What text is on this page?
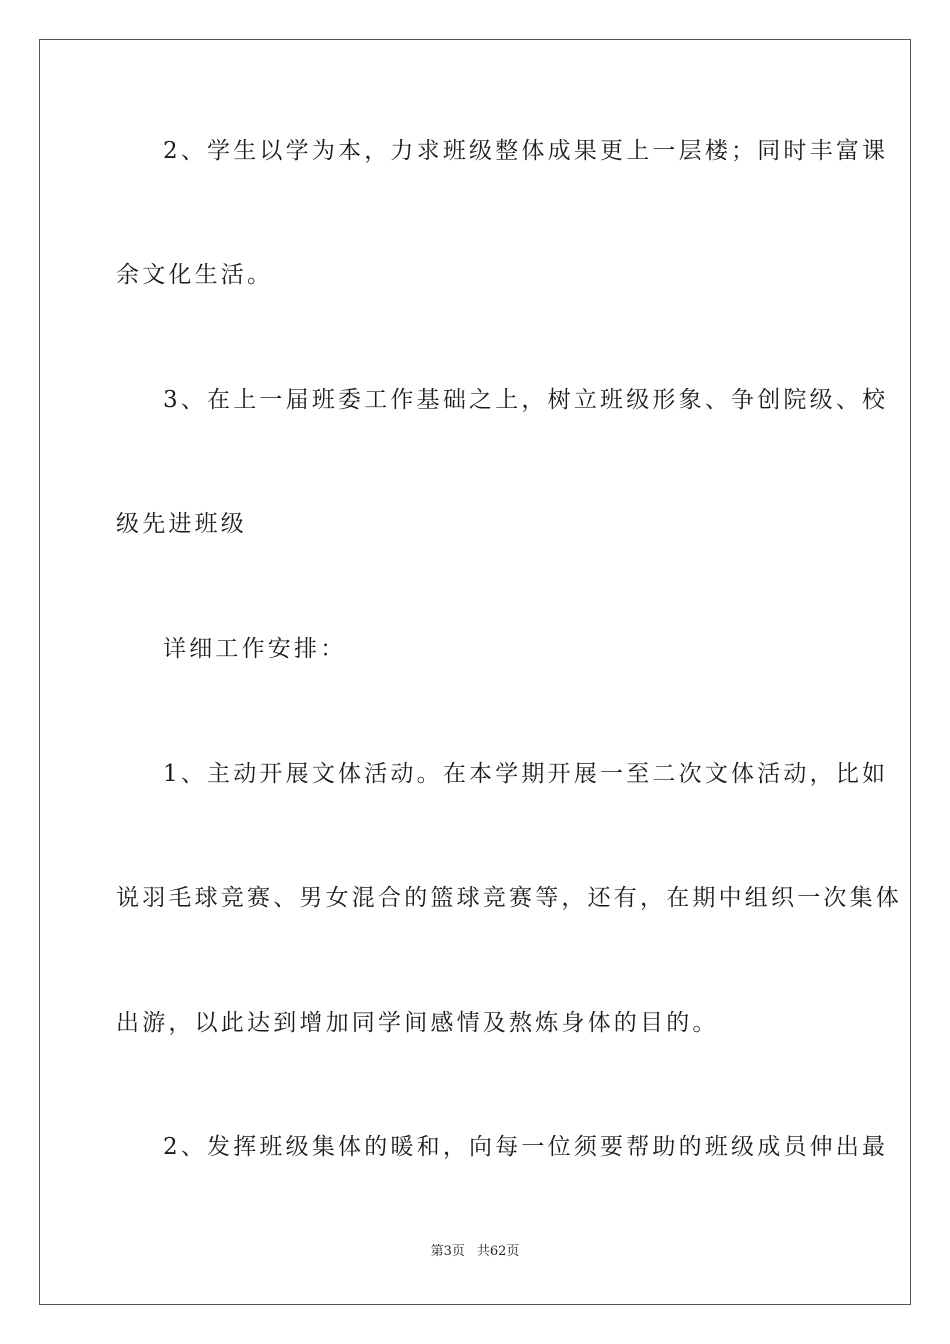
2、学生以学为本，力求班级整体成果更上一层楼；同时丰富课
余文化生活。
3、在上一届班委工作基础之上，树立班级形象、争创院级、校
级先进班级
详细工作安排：
1、主动开展文体活动。在本学期开展一至二次文体活动，比如
说羽毛球竞赛、男女混合的篮球竞赛等，还有，在期中组织一次集体
出游，以此达到增加同学间感情及熬炼身体的目的。
2、发挥班级集体的暖和，向每一位须要帮助的班级成员伸出最
第3页 共62页
